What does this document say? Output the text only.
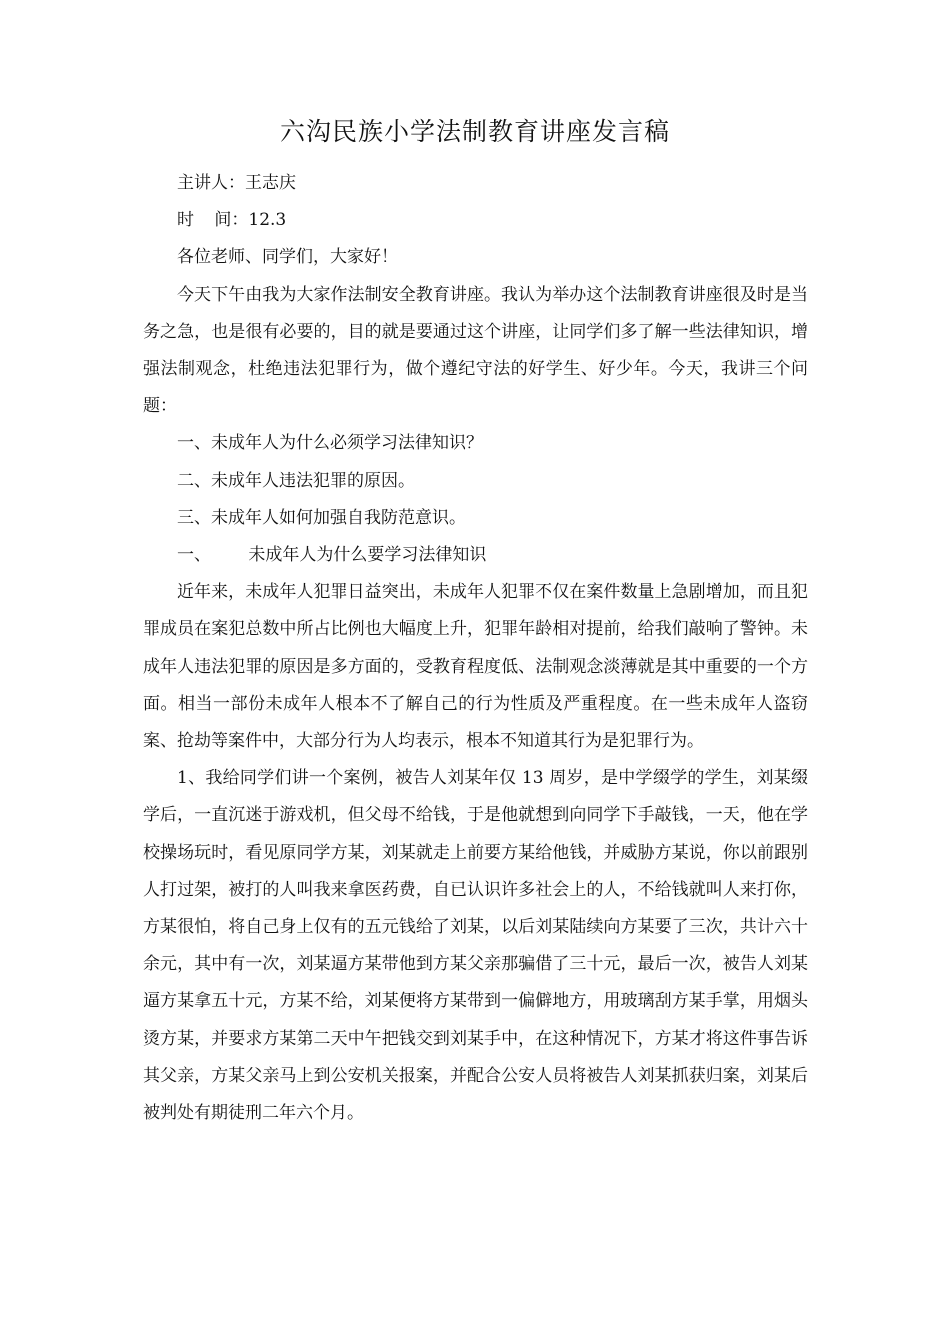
六沟民族小学法制教育讲座发言稿

主讲人：王志庆

时 间：12.3

各位老师、同学们，大家好！

今天下午由我为大家作法制安全教育讲座。我认为举办这个法制教育讲座很及时是当务之急，也是很有必要的，目的就是要通过这个讲座，让同学们多了解一些法律知识，增强法制观念，杜绝违法犯罪行为，做个遵纪守法的好学生、好少年。今天，我讲三个问题：

一、未成年人为什么必须学习法律知识？

二、未成年人违法犯罪的原因。

三、未成年人如何加强自我防范意识。

一、 未成年人为什么要学习法律知识

近年来，未成年人犯罪日益突出，未成年人犯罪不仅在案件数量上急剧增加，而且犯罪成员在案犯总数中所占比例也大幅度上升，犯罪年龄相对提前，给我们敲响了警钟。未成年人违法犯罪的原因是多方面的，受教育程度低、法制观念淡薄就是其中重要的一个方面。相当一部份未成年人根本不了解自己的行为性质及严重程度。在一些未成年人盗窃案、抢劫等案件中，大部分行为人均表示，根本不知道其行为是犯罪行为。

1、我给同学们讲一个案例，被告人刘某年仅 13 周岁，是中学缀学的学生，刘某缀学后，一直沉迷于游戏机，但父母不给钱，于是他就想到向同学下手敲钱，一天，他在学校操场玩时，看见原同学方某，刘某就走上前要方某给他钱，并威胁方某说，你以前跟别人打过架，被打的人叫我来拿医药费，自已认识许多社会上的人，不给钱就叫人来打你，方某很怕，将自己身上仅有的五元钱给了刘某，以后刘某陆续向方某要了三次，共计六十余元，其中有一次，刘某逼方某带他到方某父亲那骗借了三十元，最后一次，被告人刘某逼方某拿五十元，方某不给，刘某便将方某带到一偏僻地方，用玻璃刮方某手掌，用烟头烫方某，并要求方某第二天中午把钱交到刘某手中，在这种情况下，方某才将这件事告诉其父亲，方某父亲马上到公安机关报案，并配合公安人员将被告人刘某抓获归案，刘某后被判处有期徒刑二年六个月。
